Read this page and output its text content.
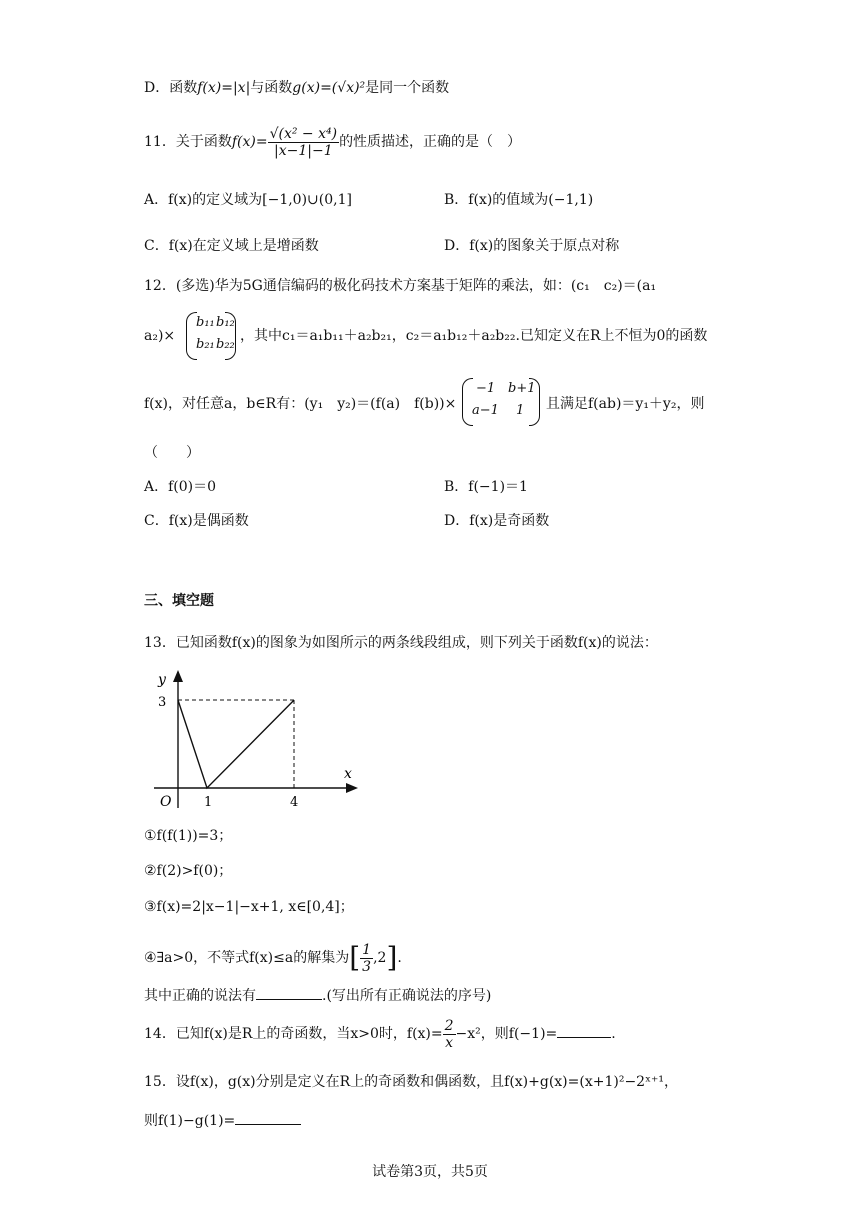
D．函数f(x)=|x|与函数g(x)=(√x)²是同一个函数
11．关于函数$f(x)= \frac{\text{√(x² − x⁴)}}{|x-1|-1}$ 的性质描述，正确的是（　）
A．f(x)的定义域为[−1,0)∪(0,1]	B．f(x)的值域为(−1,1)
C．f(x)在定义域上是增函数	D．f(x)的图象关于原点对称
12．(多选)华为5G通信编码的极化码技术方案基于矩阵的乘法，如：(c₁　c₂)＝(a₁
a₂)×
b₁₁ b₁₂
b₂₁ b₂₂
，其中c₁＝a₁b₁₁＋a₂b₂₁，c₂＝a₁b₁₂＋a₂b₂₂.已知定义在R上不恒为0的函数
f(x)，对任意a，b∈R有：(y₁　y₂)＝(f(a)　f(b))×
−1 b+1
a−1 1 且满足f(ab)＝y₁＋y₂，则
（　　）
A．f(0)＝0	B．f(−1)＝1
C．f(x)是偶函数	D．f(x)是奇函数
三、填空题
13．已知函数f(x)的图象为如图所示的两条线段组成，则下列关于函数f(x)的说法：
y
x
O	1	4
3
①f(f(1))=3；
②f(2)>f(0)；
③f(x)=2|x−1|−x+1, x∈[0,4]；
④∃a>0，不等式f(x)≤a的解集为[ $\frac{1}{3} ,2$].
其中正确的说法有	.(写出所有正确说法的序号)
14．已知f(x)是R上的奇函数，当x>0时，$f(x)= \frac{2}{x} -x^2$，则f(−1)=	.
15．设f(x)，g(x)分别是定义在R上的奇函数和偶函数，且f(x)+g(x)=(x+1)²−2ˣ⁺¹，
则f(1)−g(1)=
试卷第3页，共5页
